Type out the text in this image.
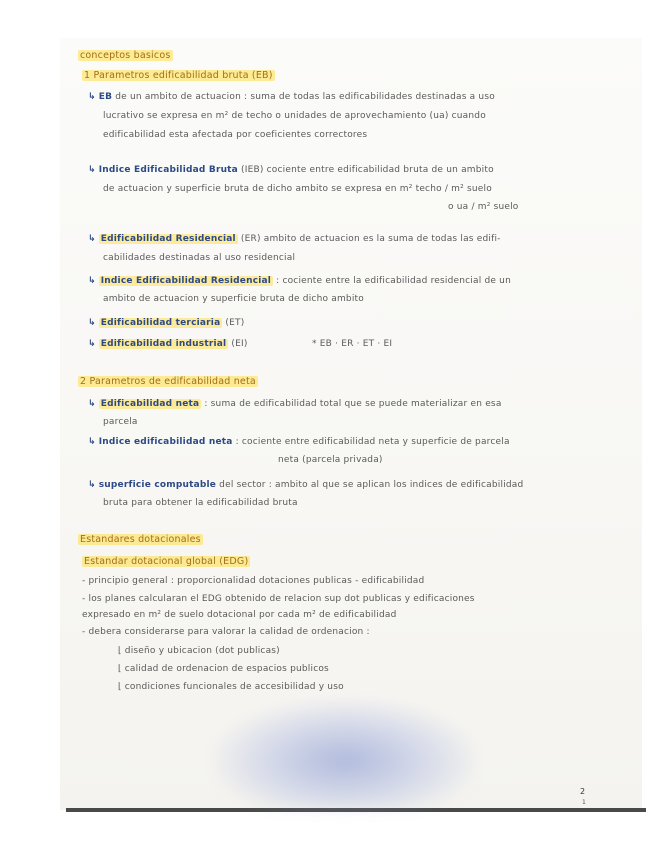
conceptos basicos
1 Parametros edificabilidad bruta (EB)
↳ EB de un ambito de actuacion : suma de todas las edificabilidades destinadas a uso
lucrativo se expresa en m² de techo o unidades de aprovechamiento (ua) cuando
edificabilidad esta afectada por coeficientes correctores
↳ Indice Edificabilidad Bruta (IEB) cociente entre edificabilidad bruta de un ambito
de actuacion y superficie bruta de dicho ambito se expresa en m² techo / m² suelo
o ua / m² suelo
↳ Edificabilidad Residencial (ER) ambito de actuacion es la suma de todas las edifi-
cabilidades destinadas al uso residencial
↳ Indice Edificabilidad Residencial : cociente entre la edificabilidad residencial de un
ambito de actuacion y superficie bruta de dicho ambito
↳ Edificabilidad terciaria (ET)
↳ Edificabilidad industrial (EI)	* EB · ER · ET · EI
2 Parametros de edificabilidad neta
↳ Edificabilidad neta : suma de edificabilidad total que se puede materializar en esa
parcela
↳ Indice edificabilidad neta : cociente entre edificabilidad neta y superficie de parcela
neta (parcela privada)
↳ superficie computable del sector : ambito al que se aplican los indices de edificabilidad
bruta para obtener la edificabilidad bruta
Estandares dotacionales
Estandar dotacional global (EDG)
- principio general : proporcionalidad dotaciones publicas - edificabilidad
- los planes calcularan el EDG obtenido de relacion sup dot publicas y edificaciones
expresado en m² de suelo dotacional por cada m² de edificabilidad
- debera considerarse para valorar la calidad de ordenacion :
⌊ diseño y ubicacion (dot publicas)
⌊ calidad de ordenacion de espacios publicos
⌊ condiciones funcionales de accesibilidad y uso
2
1
